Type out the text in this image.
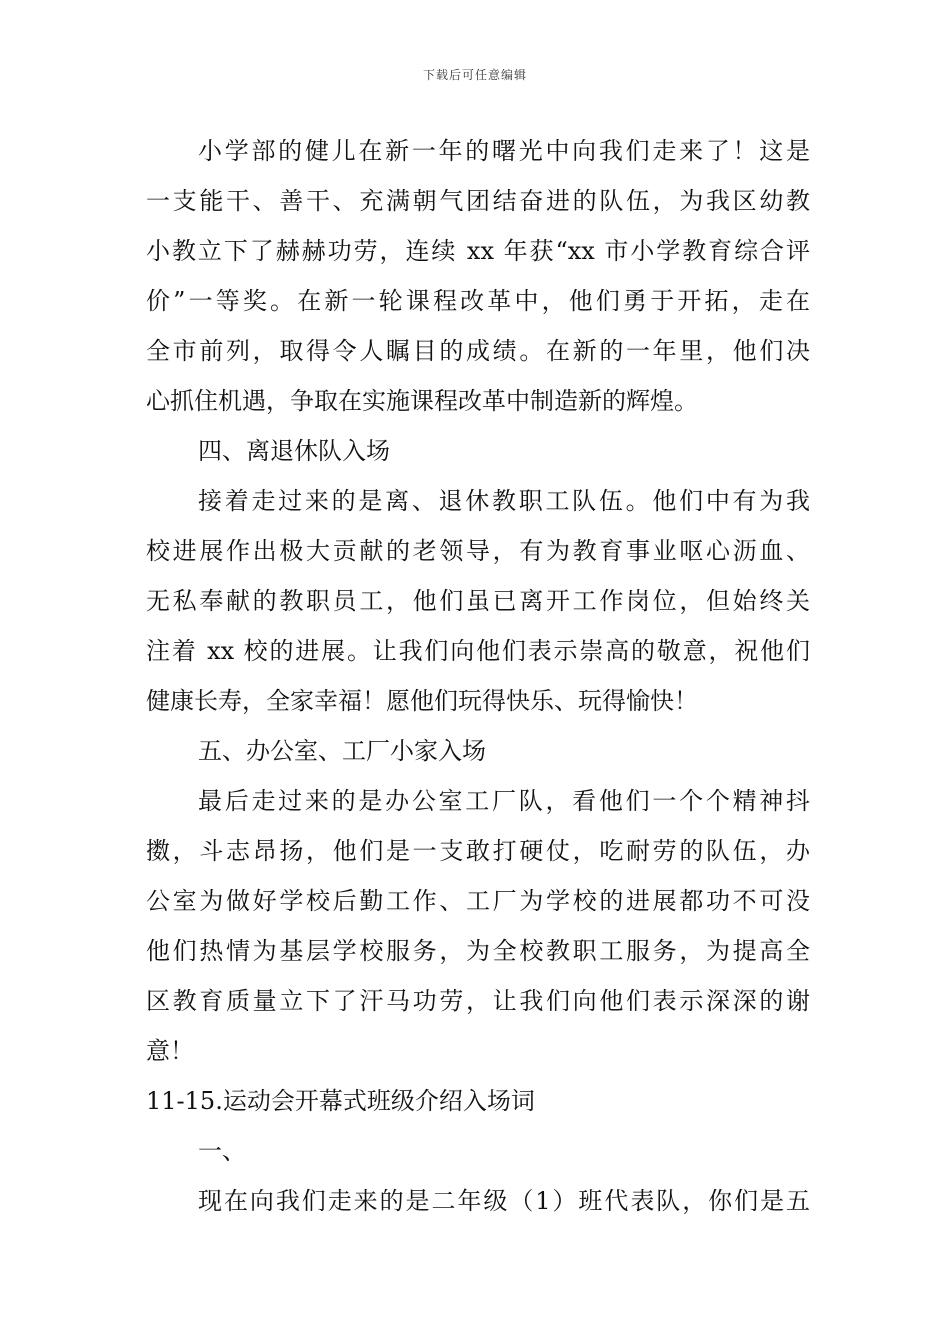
下载后可任意编辑
小学部的健儿在新一年的曙光中向我们走来了！这是
一支能干、善干、充满朝气团结奋进的队伍，为我区幼教
小教立下了赫赫功劳，连续 xx 年获“xx 市小学教育综合评
价”一等奖。在新一轮课程改革中，他们勇于开拓，走在
全市前列，取得令人瞩目的成绩。在新的一年里，他们决
心抓住机遇，争取在实施课程改革中制造新的辉煌。
四、离退休队入场
接着走过来的是离、退休教职工队伍。他们中有为我
校进展作出极大贡献的老领导，有为教育事业呕心沥血、
无私奉献的教职员工，他们虽已离开工作岗位，但始终关
注着 xx 校的进展。让我们向他们表示崇高的敬意，祝他们
健康长寿，全家幸福！愿他们玩得快乐、玩得愉快！
五、办公室、工厂小家入场
最后走过来的是办公室工厂队，看他们一个个精神抖
擞，斗志昂扬，他们是一支敢打硬仗，吃耐劳的队伍，办
公室为做好学校后勤工作、工厂为学校的进展都功不可没
他们热情为基层学校服务，为全校教职工服务，为提高全
区教育质量立下了汗马功劳，让我们向他们表示深深的谢
意！
11-15.运动会开幕式班级介绍入场词
一、
现在向我们走来的是二年级（1）班代表队，你们是五
